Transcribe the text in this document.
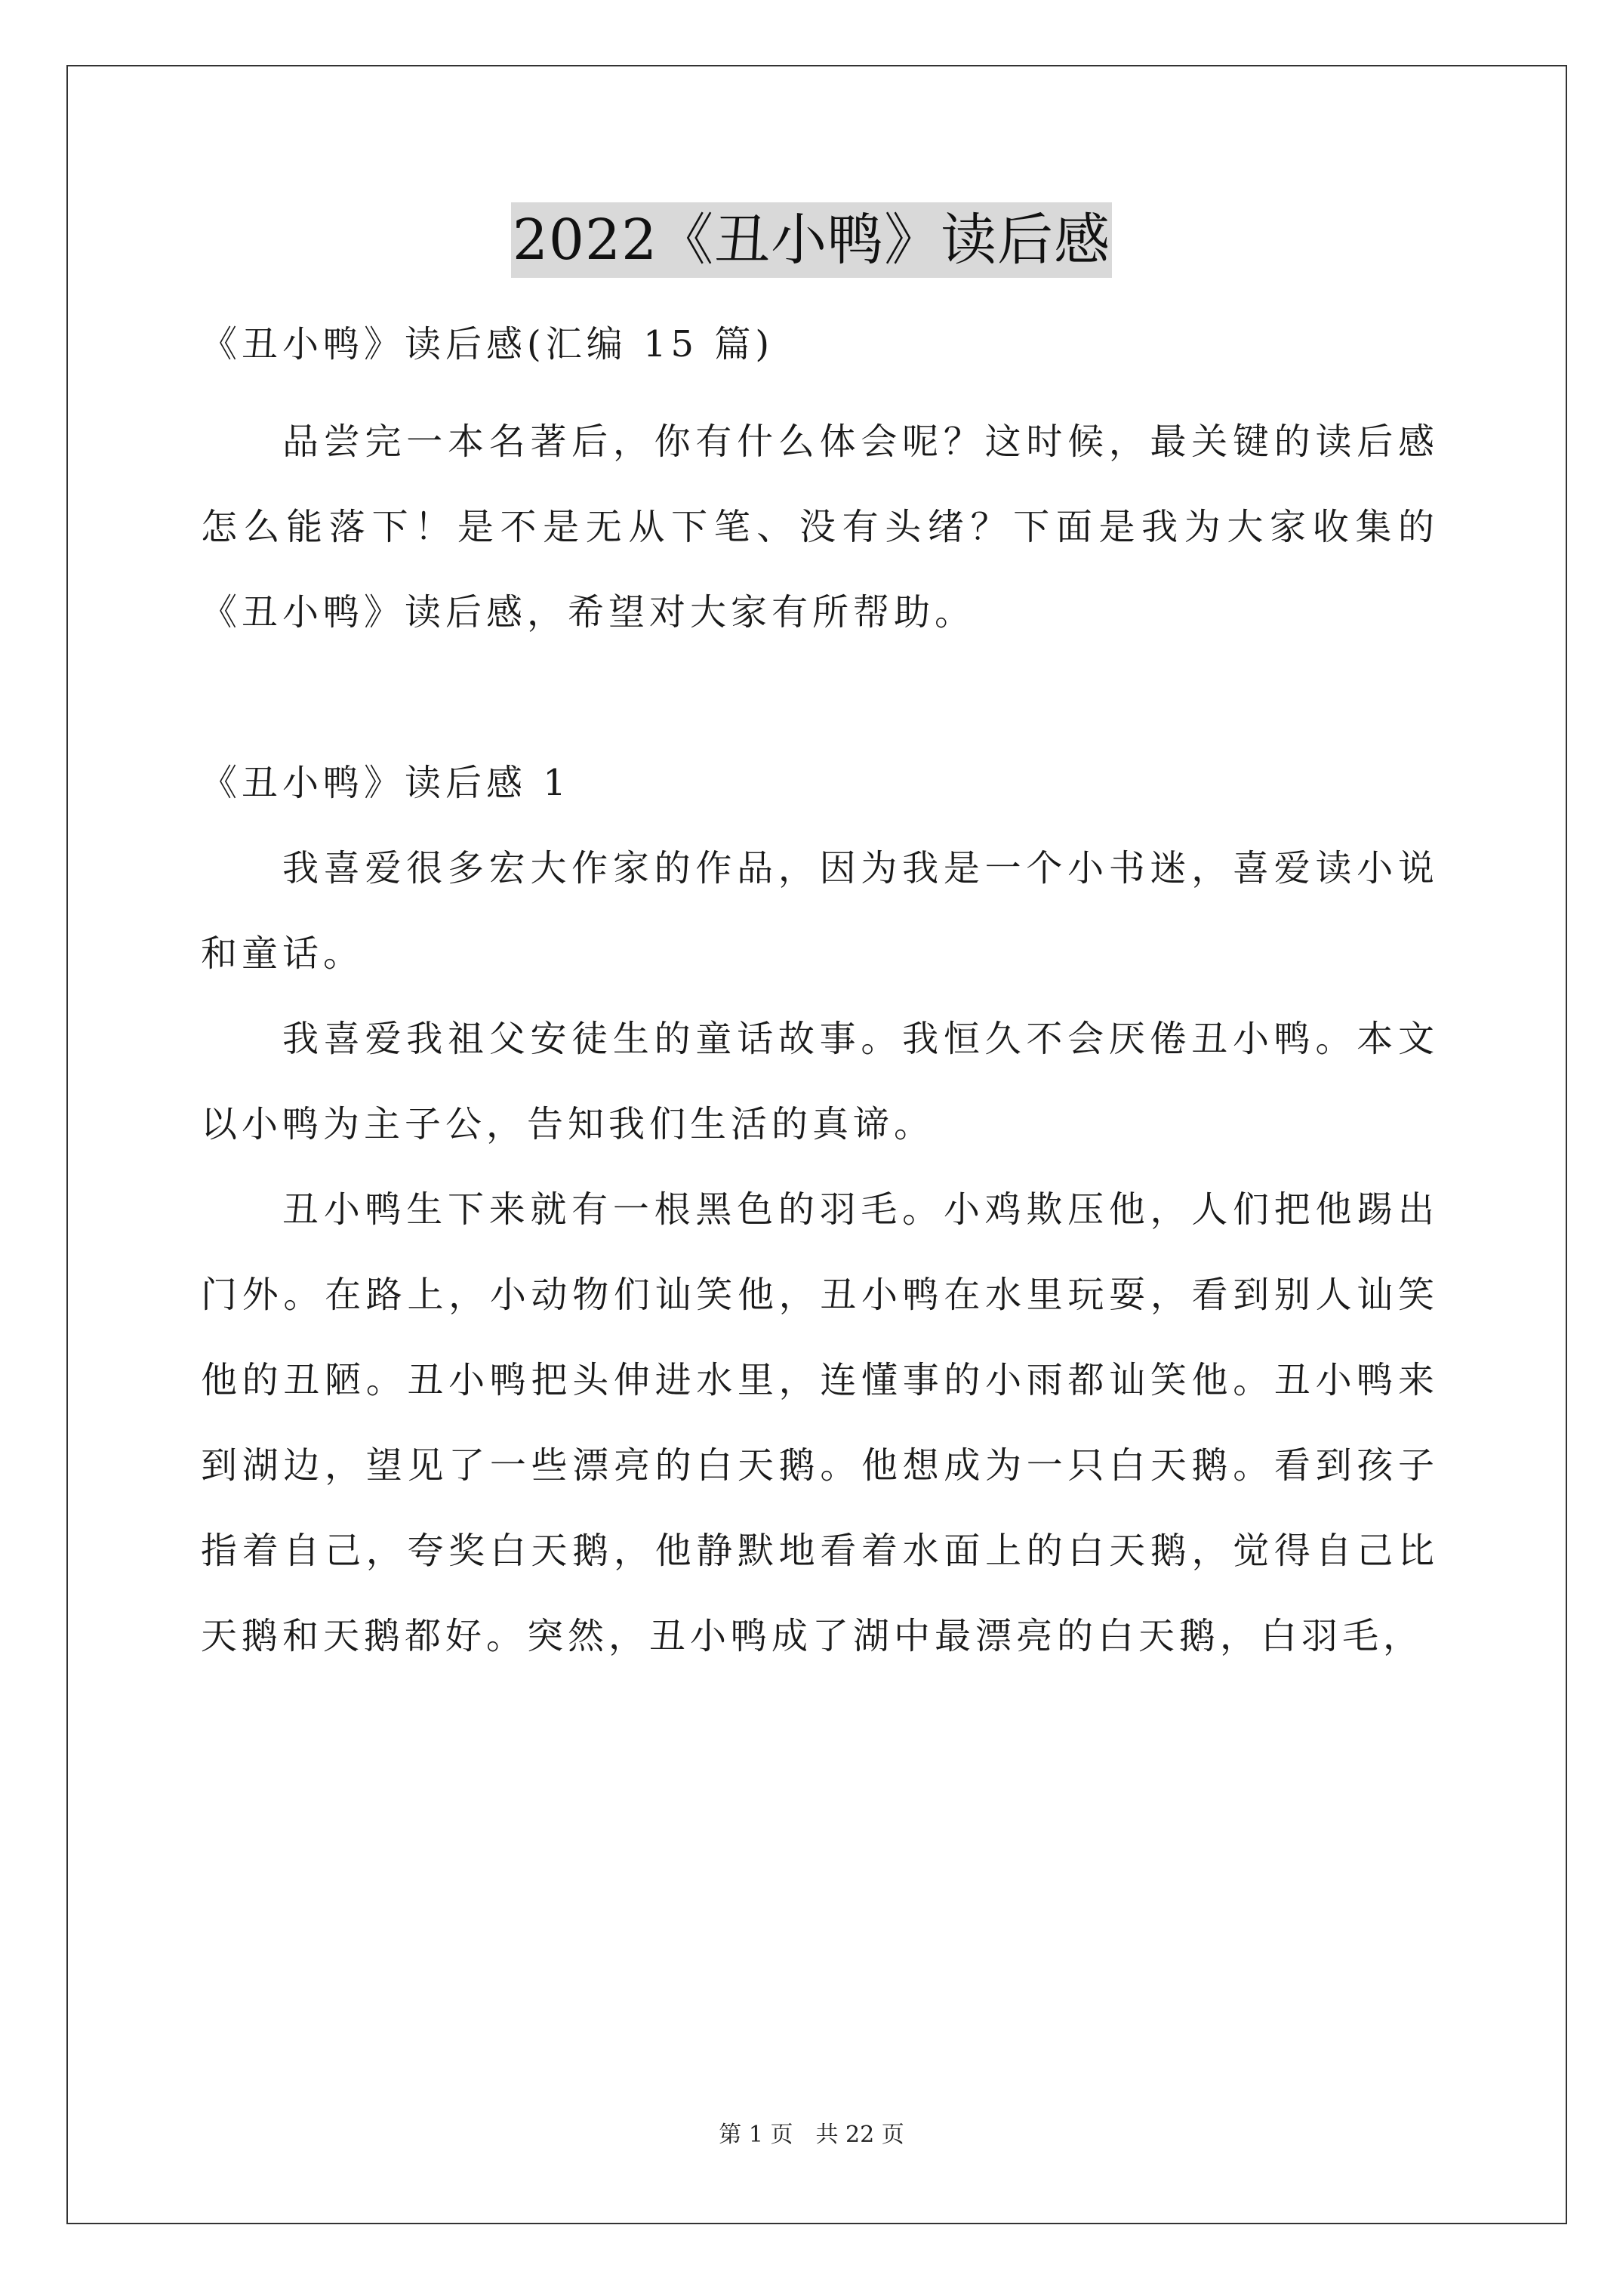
2022《丑小鸭》读后感

《丑小鸭》读后感(汇编 15 篇)

品尝完一本名著后，你有什么体会呢？这时候，最关键的读后感怎么能落下！是不是无从下笔、没有头绪？下面是我为大家收集的《丑小鸭》读后感，希望对大家有所帮助。

《丑小鸭》读后感 1

我喜爱很多宏大作家的作品，因为我是一个小书迷，喜爱读小说和童话。

我喜爱我祖父安徒生的童话故事。我恒久不会厌倦丑小鸭。本文以小鸭为主子公，告知我们生活的真谛。

丑小鸭生下来就有一根黑色的羽毛。小鸡欺压他，人们把他踢出门外。在路上，小动物们讪笑他，丑小鸭在水里玩耍，看到别人讪笑他的丑陋。丑小鸭把头伸进水里，连懂事的小雨都讪笑他。丑小鸭来到湖边，望见了一些漂亮的白天鹅。他想成为一只白天鹅。看到孩子指着自己，夸奖白天鹅，他静默地看着水面上的白天鹅，觉得自己比天鹅和天鹅都好。突然，丑小鸭成了湖中最漂亮的白天鹅，白羽毛，

第 1 页 共 22 页
